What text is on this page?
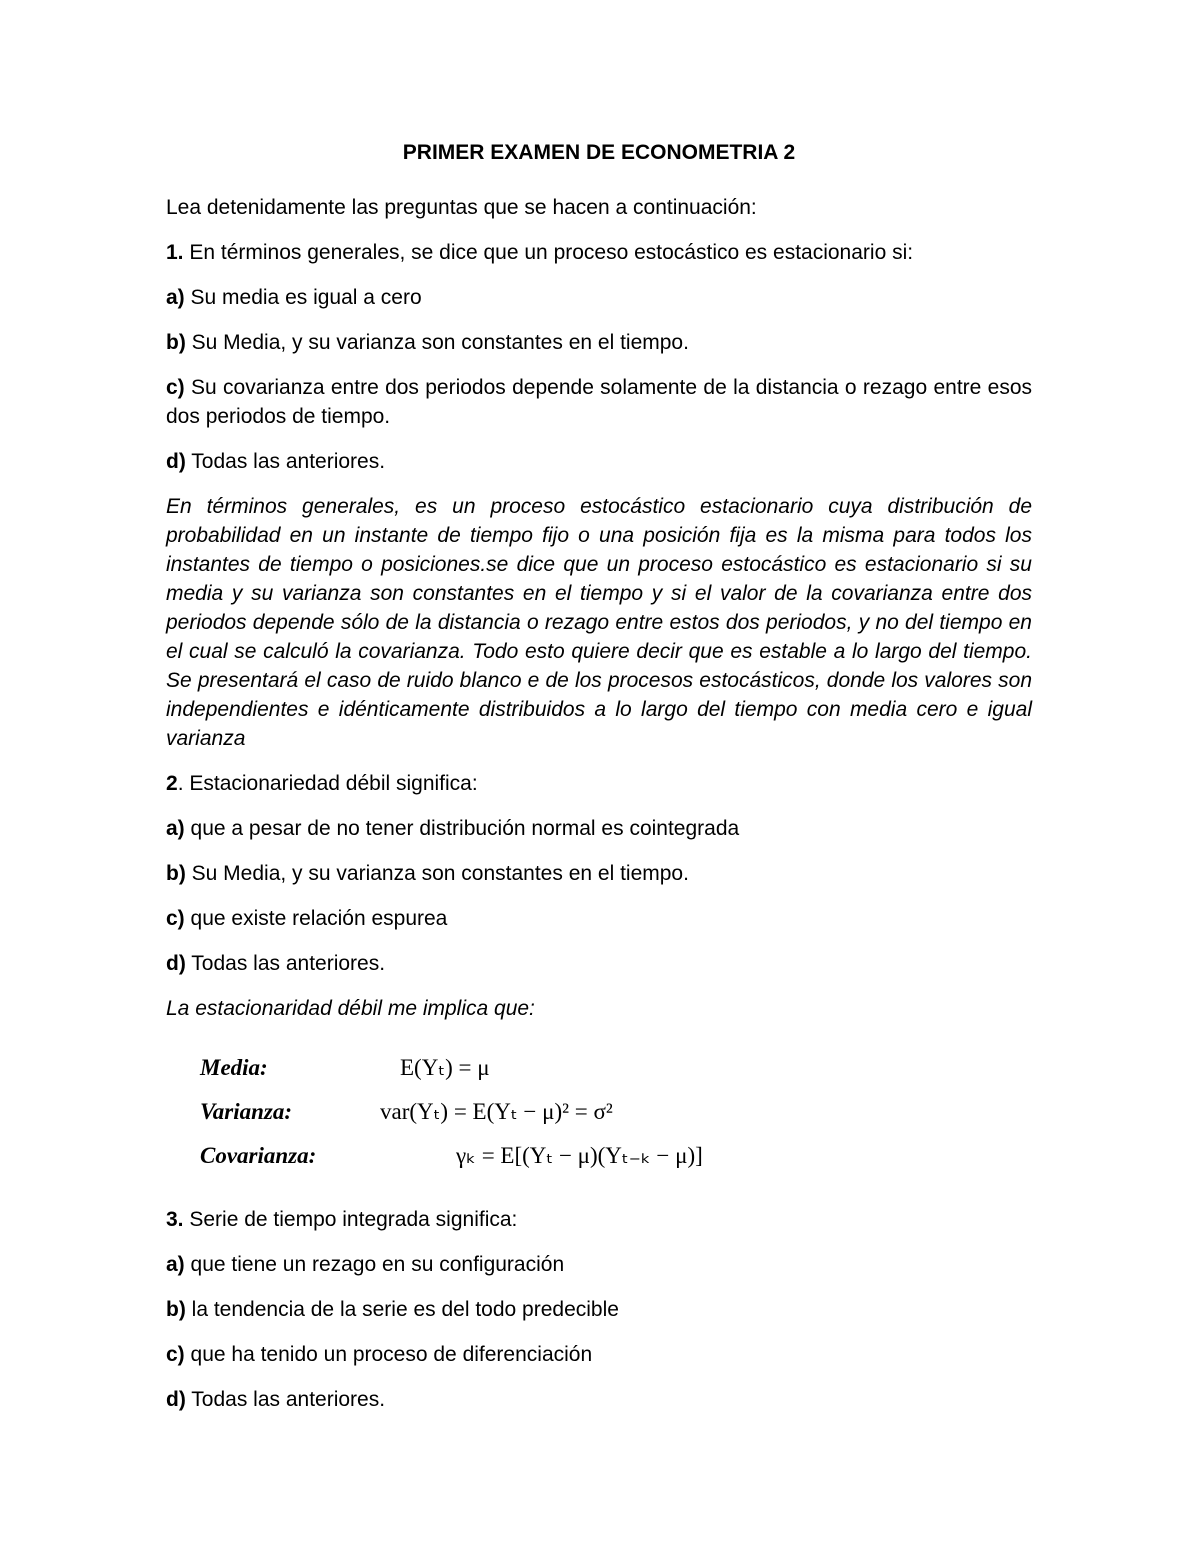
PRIMER EXAMEN DE ECONOMETRIA 2
Lea detenidamente las preguntas que se hacen a continuación:
1. En términos generales, se dice que un proceso estocástico es estacionario si:
a) Su media es igual a cero
b) Su Media, y su varianza son constantes en el tiempo.
c) Su covarianza entre dos periodos depende solamente de la distancia o rezago entre esos dos periodos de tiempo.
d) Todas las anteriores.
En términos generales, es un proceso estocástico estacionario cuya distribución de probabilidad en un instante de tiempo fijo o una posición fija es la misma para todos los instantes de tiempo o posiciones.se dice que un proceso estocástico es estacionario si su media y su varianza son constantes en el tiempo y si el valor de la covarianza entre dos periodos depende sólo de la distancia o rezago entre estos dos periodos, y no del tiempo en el cual se calculó la covarianza. Todo esto quiere decir que es estable a lo largo del tiempo. Se presentará el caso de ruido blanco e de los procesos estocásticos, donde los valores son independientes e idénticamente distribuidos a lo largo del tiempo con media cero e igual varianza
2. Estacionariedad débil significa:
a) que a pesar de no tener distribución normal es cointegrada
b) Su Media, y su varianza son constantes en el tiempo.
c) que existe relación espurea
d) Todas las anteriores.
La estacionaridad débil me implica que:
Media:	E(Yₜ) = μ
Varianza:	var(Yₜ) = E(Yₜ − μ)² = σ²
Covarianza:	γₖ = E[(Yₜ − μ)(Yₜ₋ₖ − μ)]
3. Serie de tiempo integrada significa:
a) que tiene un rezago en su configuración
b) la tendencia de la serie es del todo predecible
c) que ha tenido un proceso de diferenciación
d) Todas las anteriores.
